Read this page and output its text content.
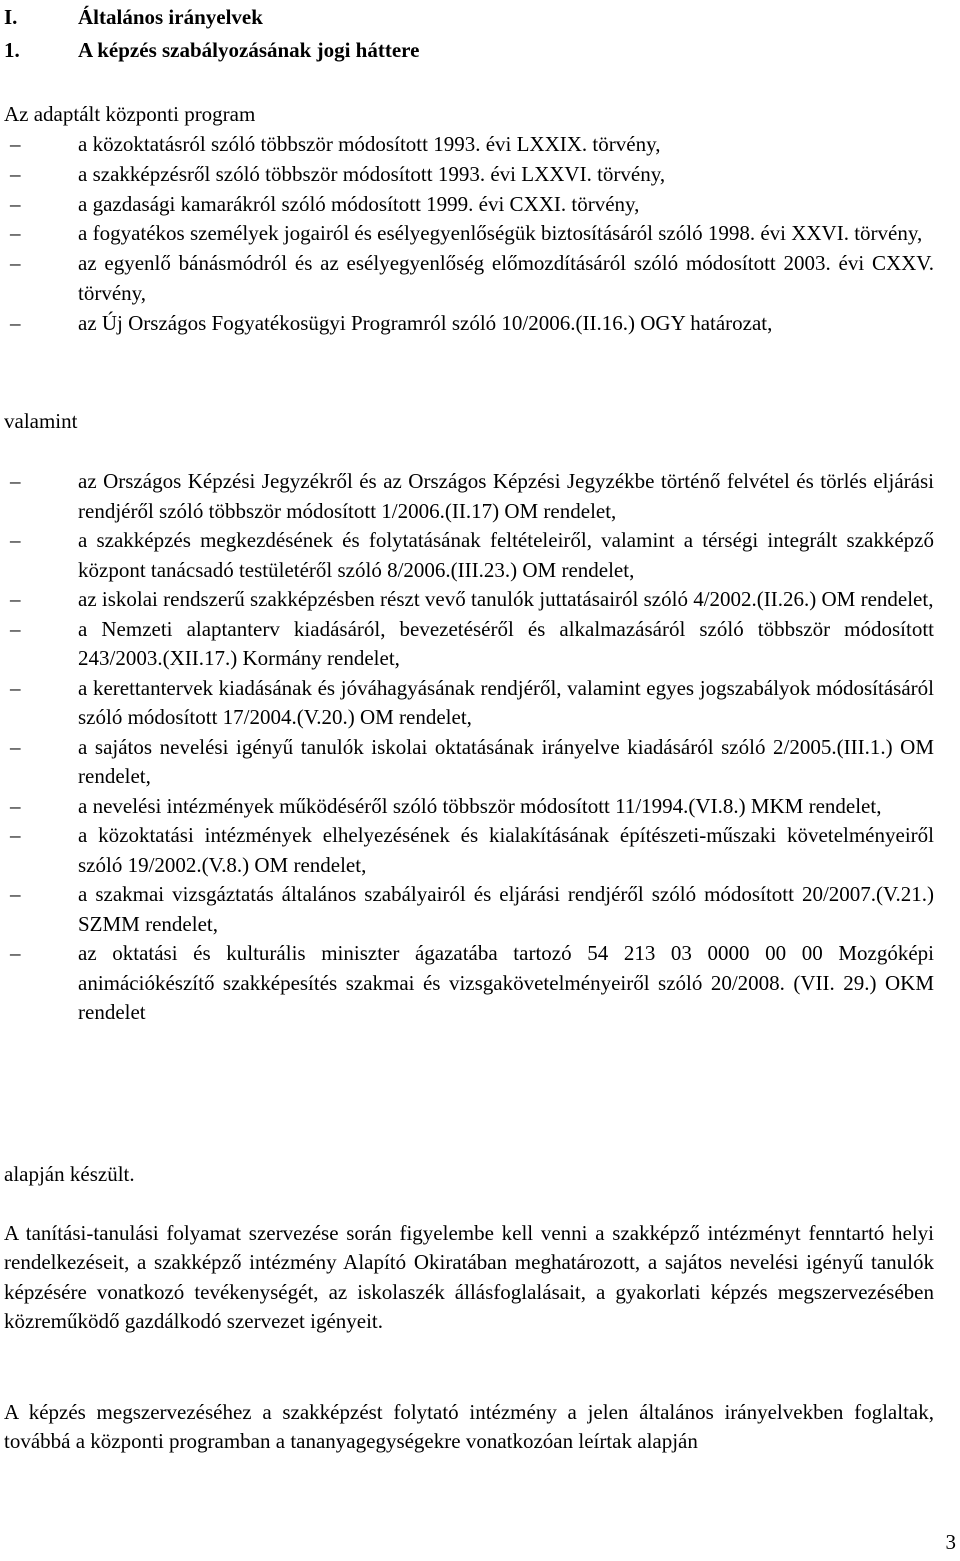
I.	Általános irányelvek
1.	A képzés szabályozásának jogi háttere
Az adaptált központi program
–	a közoktatásról szóló többször módosított 1993. évi LXXIX. törvény,
–	a szakképzésről szóló többször módosított 1993. évi LXXVI. törvény,
–	a gazdasági kamarákról szóló módosított 1999. évi CXXI. törvény,
–	a fogyatékos személyek jogairól és esélyegyenlőségük biztosításáról szóló 1998. évi XXVI. törvény,
–	az egyenlő bánásmódról és az esélyegyenlőség előmozdításáról szóló módosított 2003. évi CXXV. törvény,
–	az Új Országos Fogyatékosügyi Programról szóló 10/2006.(II.16.) OGY határozat,
valamint
–	az Országos Képzési Jegyzékről és az Országos Képzési Jegyzékbe történő felvétel és törlés eljárási rendjéről szóló többször módosított 1/2006.(II.17) OM rendelet,
–	a szakképzés megkezdésének és folytatásának feltételeiről, valamint a térségi integrált szakképző központ tanácsadó testületéről szóló 8/2006.(III.23.) OM rendelet,
–	az iskolai rendszerű szakképzésben részt vevő tanulók juttatásairól szóló 4/2002.(II.26.) OM rendelet,
–	a Nemzeti alaptanterv kiadásáról, bevezetéséről és alkalmazásáról szóló többször módosított 243/2003.(XII.17.) Kormány rendelet,
–	a kerettantervek kiadásának és jóváhagyásának rendjéről, valamint egyes jogszabályok módosításáról szóló módosított 17/2004.(V.20.) OM rendelet,
–	a sajátos nevelési igényű tanulók iskolai oktatásának irányelve kiadásáról szóló 2/2005.(III.1.) OM rendelet,
–	a nevelési intézmények működéséről szóló többször módosított 11/1994.(VI.8.) MKM rendelet,
–	a közoktatási intézmények elhelyezésének és kialakításának építészeti-műszaki követelményeiről szóló 19/2002.(V.8.) OM rendelet,
–	a szakmai vizsgáztatás általános szabályairól és eljárási rendjéről szóló módosított 20/2007.(V.21.) SZMM rendelet,
–	az oktatási és kulturális miniszter ágazatába tartozó 54 213 03 0000 00 00 Mozgóképi animációkészítő szakképesítés szakmai és vizsgakövetelményeiről szóló 20/2008. (VII. 29.) OKM rendelet
alapján készült.
A tanítási-tanulási folyamat szervezése során figyelembe kell venni a szakképző intézményt fenntartó helyi rendelkezéseit, a szakképző intézmény Alapító Okiratában meghatározott, a sajátos nevelési igényű tanulók képzésére vonatkozó tevékenységét, az iskolaszék állásfoglalásait, a gyakorlati képzés megszervezésében közreműködő gazdálkodó szervezet igényeit.
A képzés megszervezéséhez a szakképzést folytató intézmény a jelen általános irányelvekben foglaltak, továbbá a központi programban a tananyagegységekre vonatkozóan leírtak alapján
3
